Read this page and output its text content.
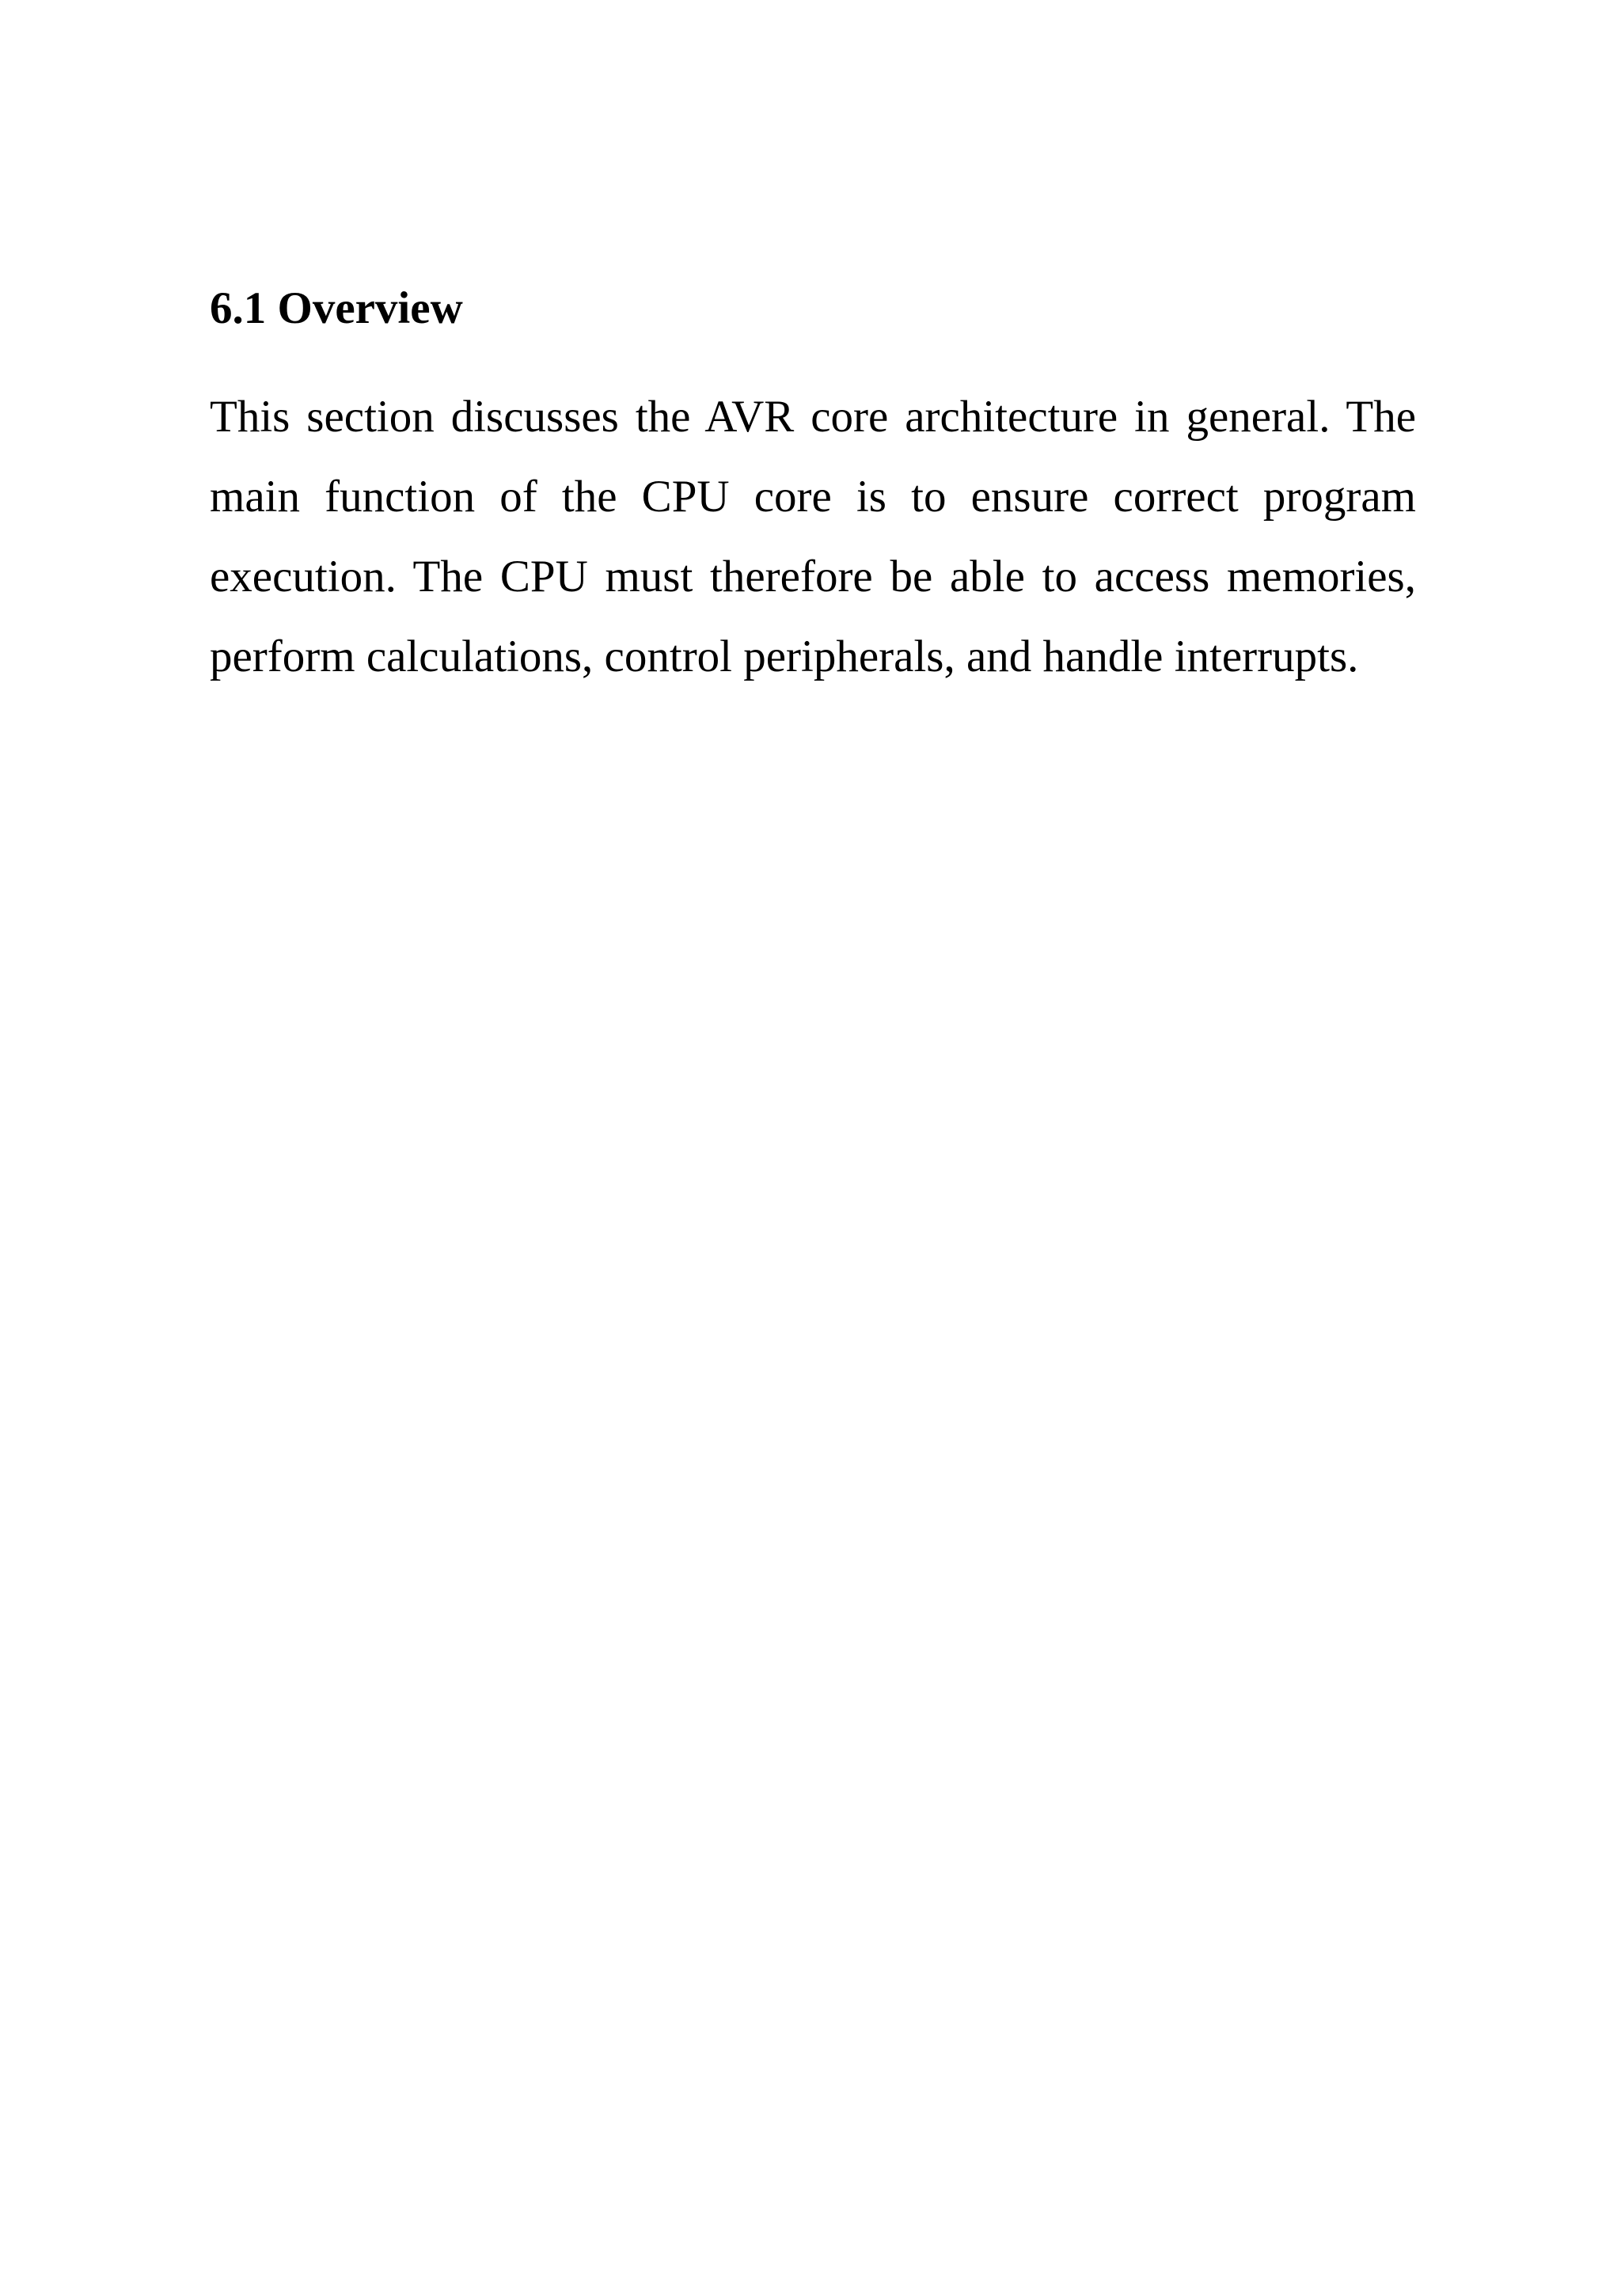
6.1 Overview

This section discusses the AVR core architecture in general. The main function of the CPU core is to ensure correct program execution. The CPU must therefore be able to access memories, perform calculations, control peripherals, and handle interrupts.
